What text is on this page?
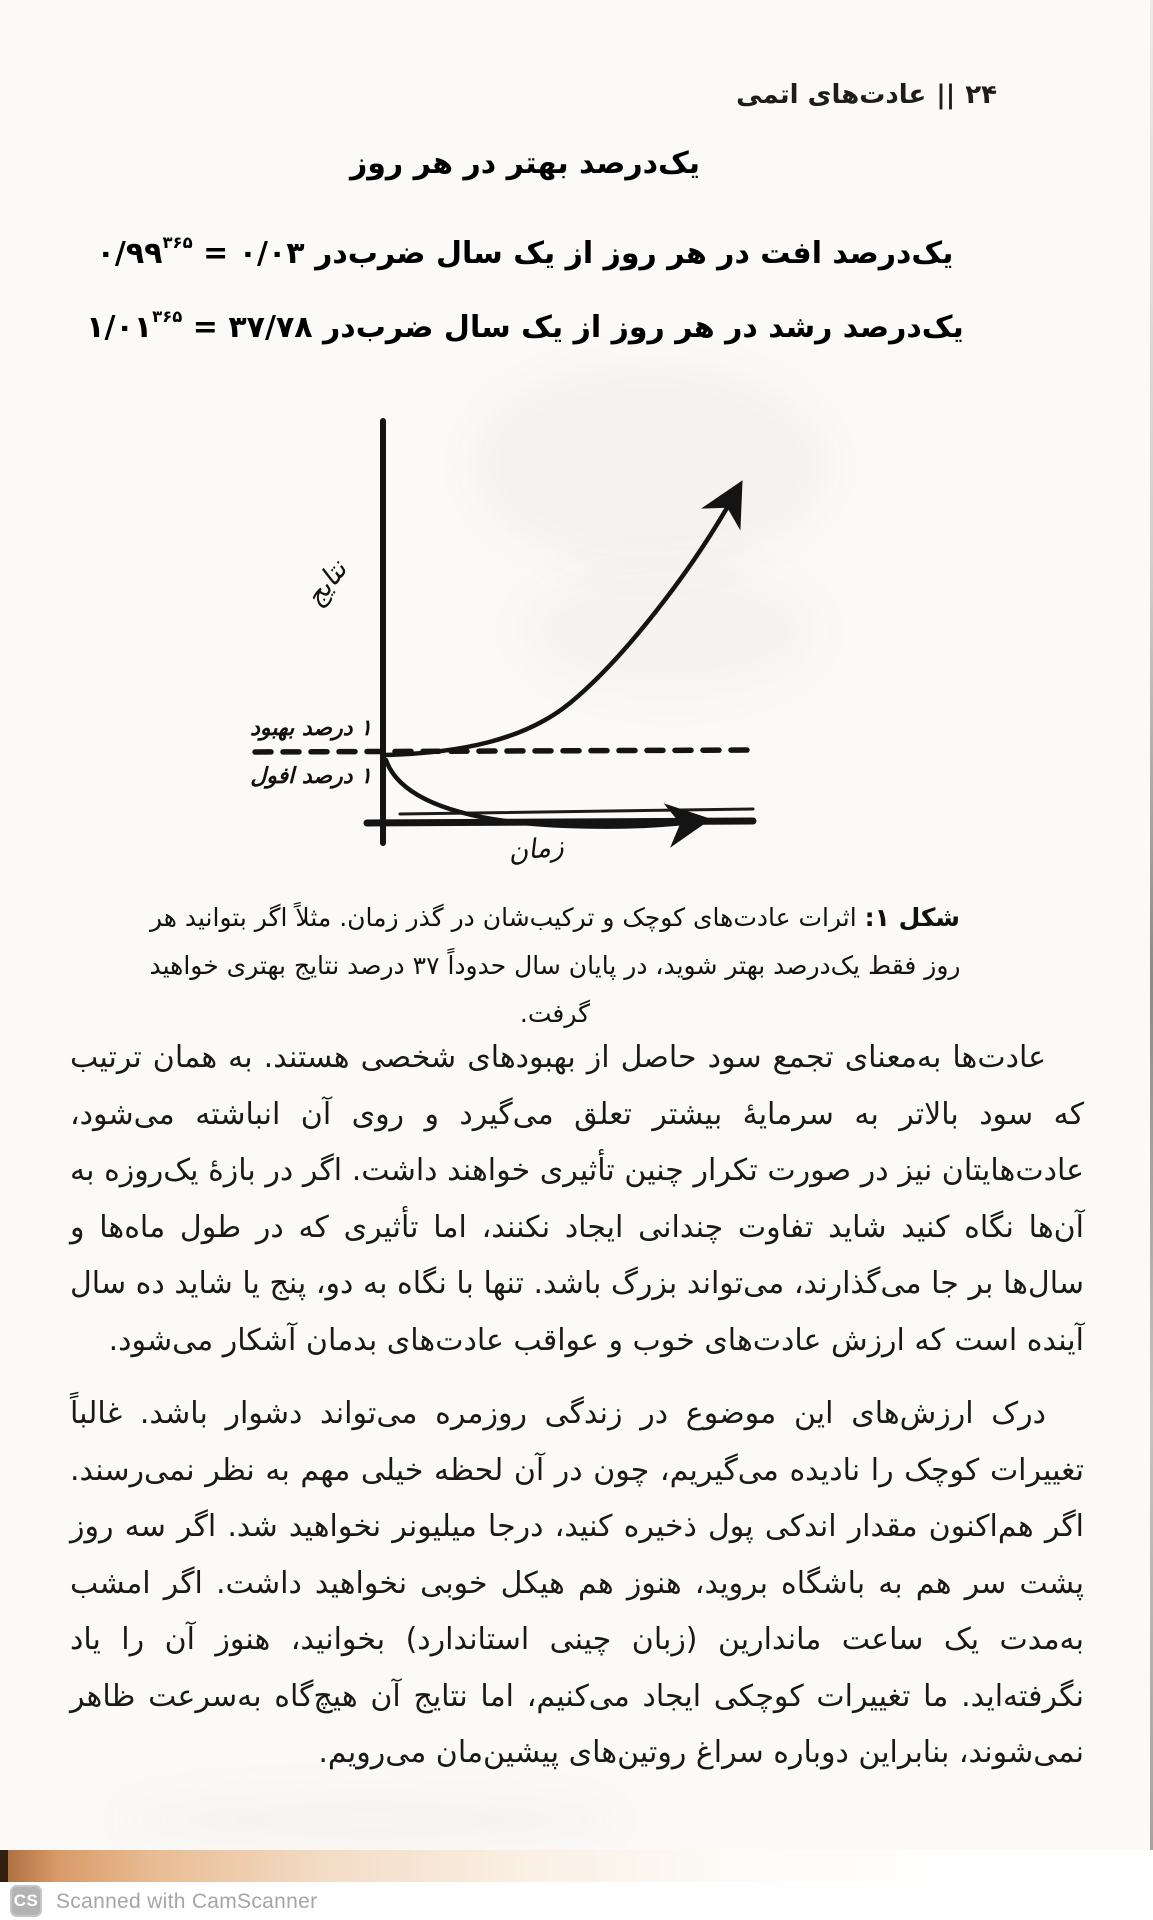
۲۴||عادت‌های اتمی
یک‌درصد بهتر در هر روز
یک‌درصد افت در هر روز از یک سال ضرب‌در $۰/۹۹^{۳۶۵}$ = ۰/۰۳
یک‌درصد رشد در هر روز از یک سال ضرب‌در $۱/۰۱^{۳۶۵}$ = ۳۷/۷۸
نتایج
زمان
۱ درصد بهبود
۱ درصد افول
شکل ۱: اثرات عادت‌های کوچک و ترکیب‌شان در گذر زمان. مثلاً اگر بتوانید هر روز فقط یک‌درصد بهتر شوید، در پایان سال حدوداً ۳۷ درصد نتایج بهتری خواهید گرفت.

عادت‌ها به‌معنای تجمع سود حاصل از بهبودهای شخصی هستند. به همان ترتیب که سود بالاتر به سرمایهٔ بیشتر تعلق می‌گیرد و روی آن انباشته می‌شود، عادت‌هایتان نیز در صورت تکرار چنین تأثیری خواهند داشت. اگر در بازهٔ یک‌روزه به آن‌ها نگاه کنید شاید تفاوت چندانی ایجاد نکنند، اما تأثیری که در طول ماه‌ها و سال‌ها بر جا می‌گذارند، می‌تواند بزرگ باشد. تنها با نگاه به دو، پنج یا شاید ده سال آینده است که ارزش عادت‌های خوب و عواقب عادت‌های بدمان آشکار می‌شود.

درک ارزش‌های این موضوع در زندگی روزمره می‌تواند دشوار باشد. غالباً تغییرات کوچک را نادیده می‌گیریم، چون در آن لحظه خیلی مهم به نظر نمی‌رسند. اگر هم‌اکنون مقدار اندکی پول ذخیره کنید، درجا میلیونر نخواهید شد. اگر سه روز پشت سر هم به باشگاه بروید، هنوز هم هیکل خوبی نخواهید داشت. اگر امشب به‌مدت یک ساعت ماندارین (زبان چینی استاندارد) بخوانید، هنوز آن را یاد نگرفته‌اید. ما تغییرات کوچکی ایجاد می‌کنیم، اما نتایج آن هیچ‌گاه به‌سرعت ظاهر نمی‌شوند، بنابراین دوباره سراغ روتین‌های پیشین‌مان می‌رویم.

CS Scanned with CamScanner
